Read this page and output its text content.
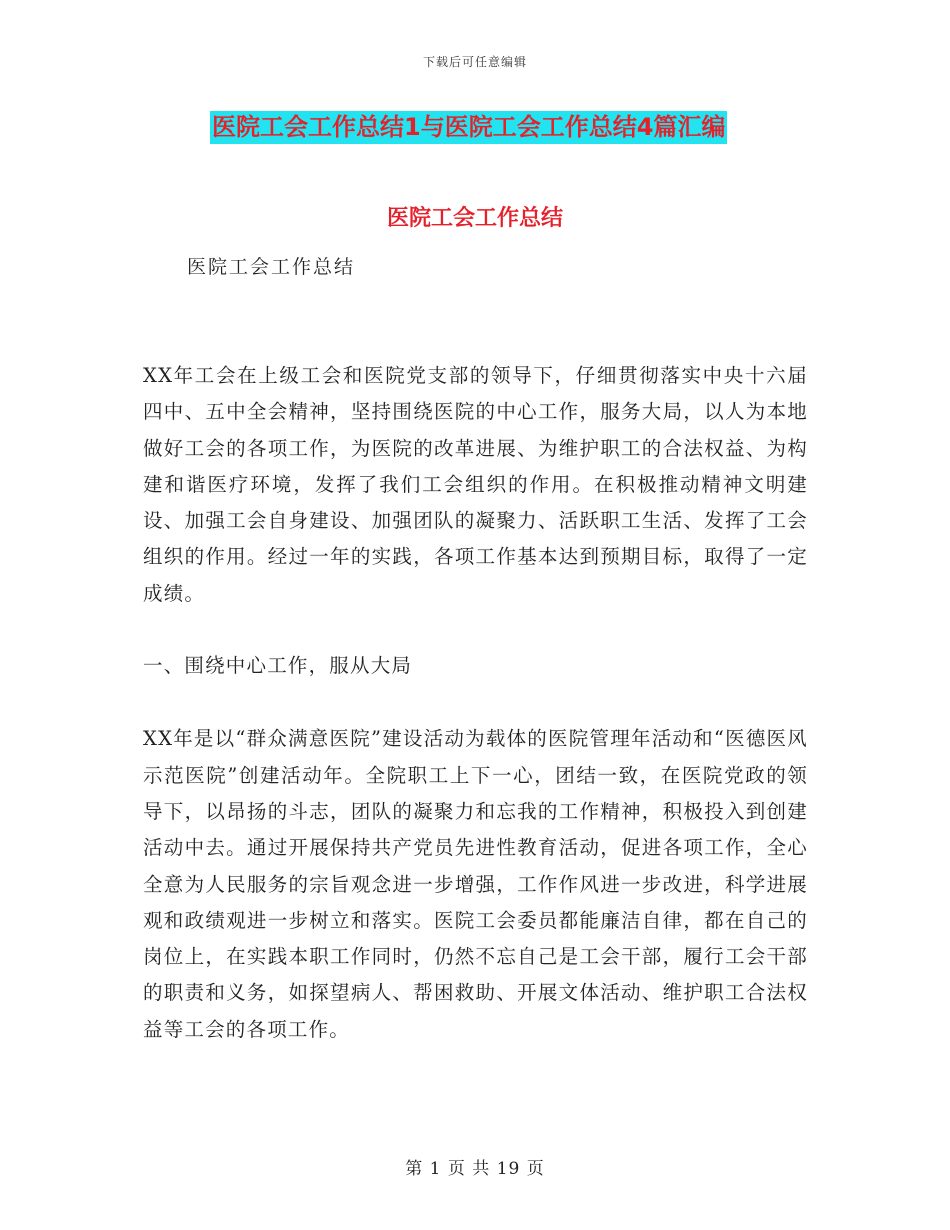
下载后可任意编辑
医院工会工作总结1与医院工会工作总结4篇汇编
医院工会工作总结
医院工会工作总结

XX年工会在上级工会和医院党支部的领导下，仔细贯彻落实中央十六届四中、五中全会精神，坚持围绕医院的中心工作，服务大局，以人为本地做好工会的各项工作，为医院的改革进展、为维护职工的合法权益、为构建和谐医疗环境，发挥了我们工会组织的作用。在积极推动精神文明建设、加强工会自身建设、加强团队的凝聚力、活跃职工生活、发挥了工会组织的作用。经过一年的实践，各项工作基本达到预期目标，取得了一定成绩。

一、围绕中心工作，服从大局

XX年是以“群众满意医院”建设活动为载体的医院管理年活动和“医德医风示范医院”创建活动年。全院职工上下一心，团结一致，在医院党政的领导下，以昂扬的斗志，团队的凝聚力和忘我的工作精神，积极投入到创建活动中去。通过开展保持共产党员先进性教育活动，促进各项工作，全心全意为人民服务的宗旨观念进一步增强，工作作风进一步改进，科学进展观和政绩观进一步树立和落实。医院工会委员都能廉洁自律，都在自己的岗位上，在实践本职工作同时，仍然不忘自己是工会干部，履行工会干部的职责和义务，如探望病人、帮困救助、开展文体活动、维护职工合法权益等工会的各项工作。

第 1 页 共 19 页
